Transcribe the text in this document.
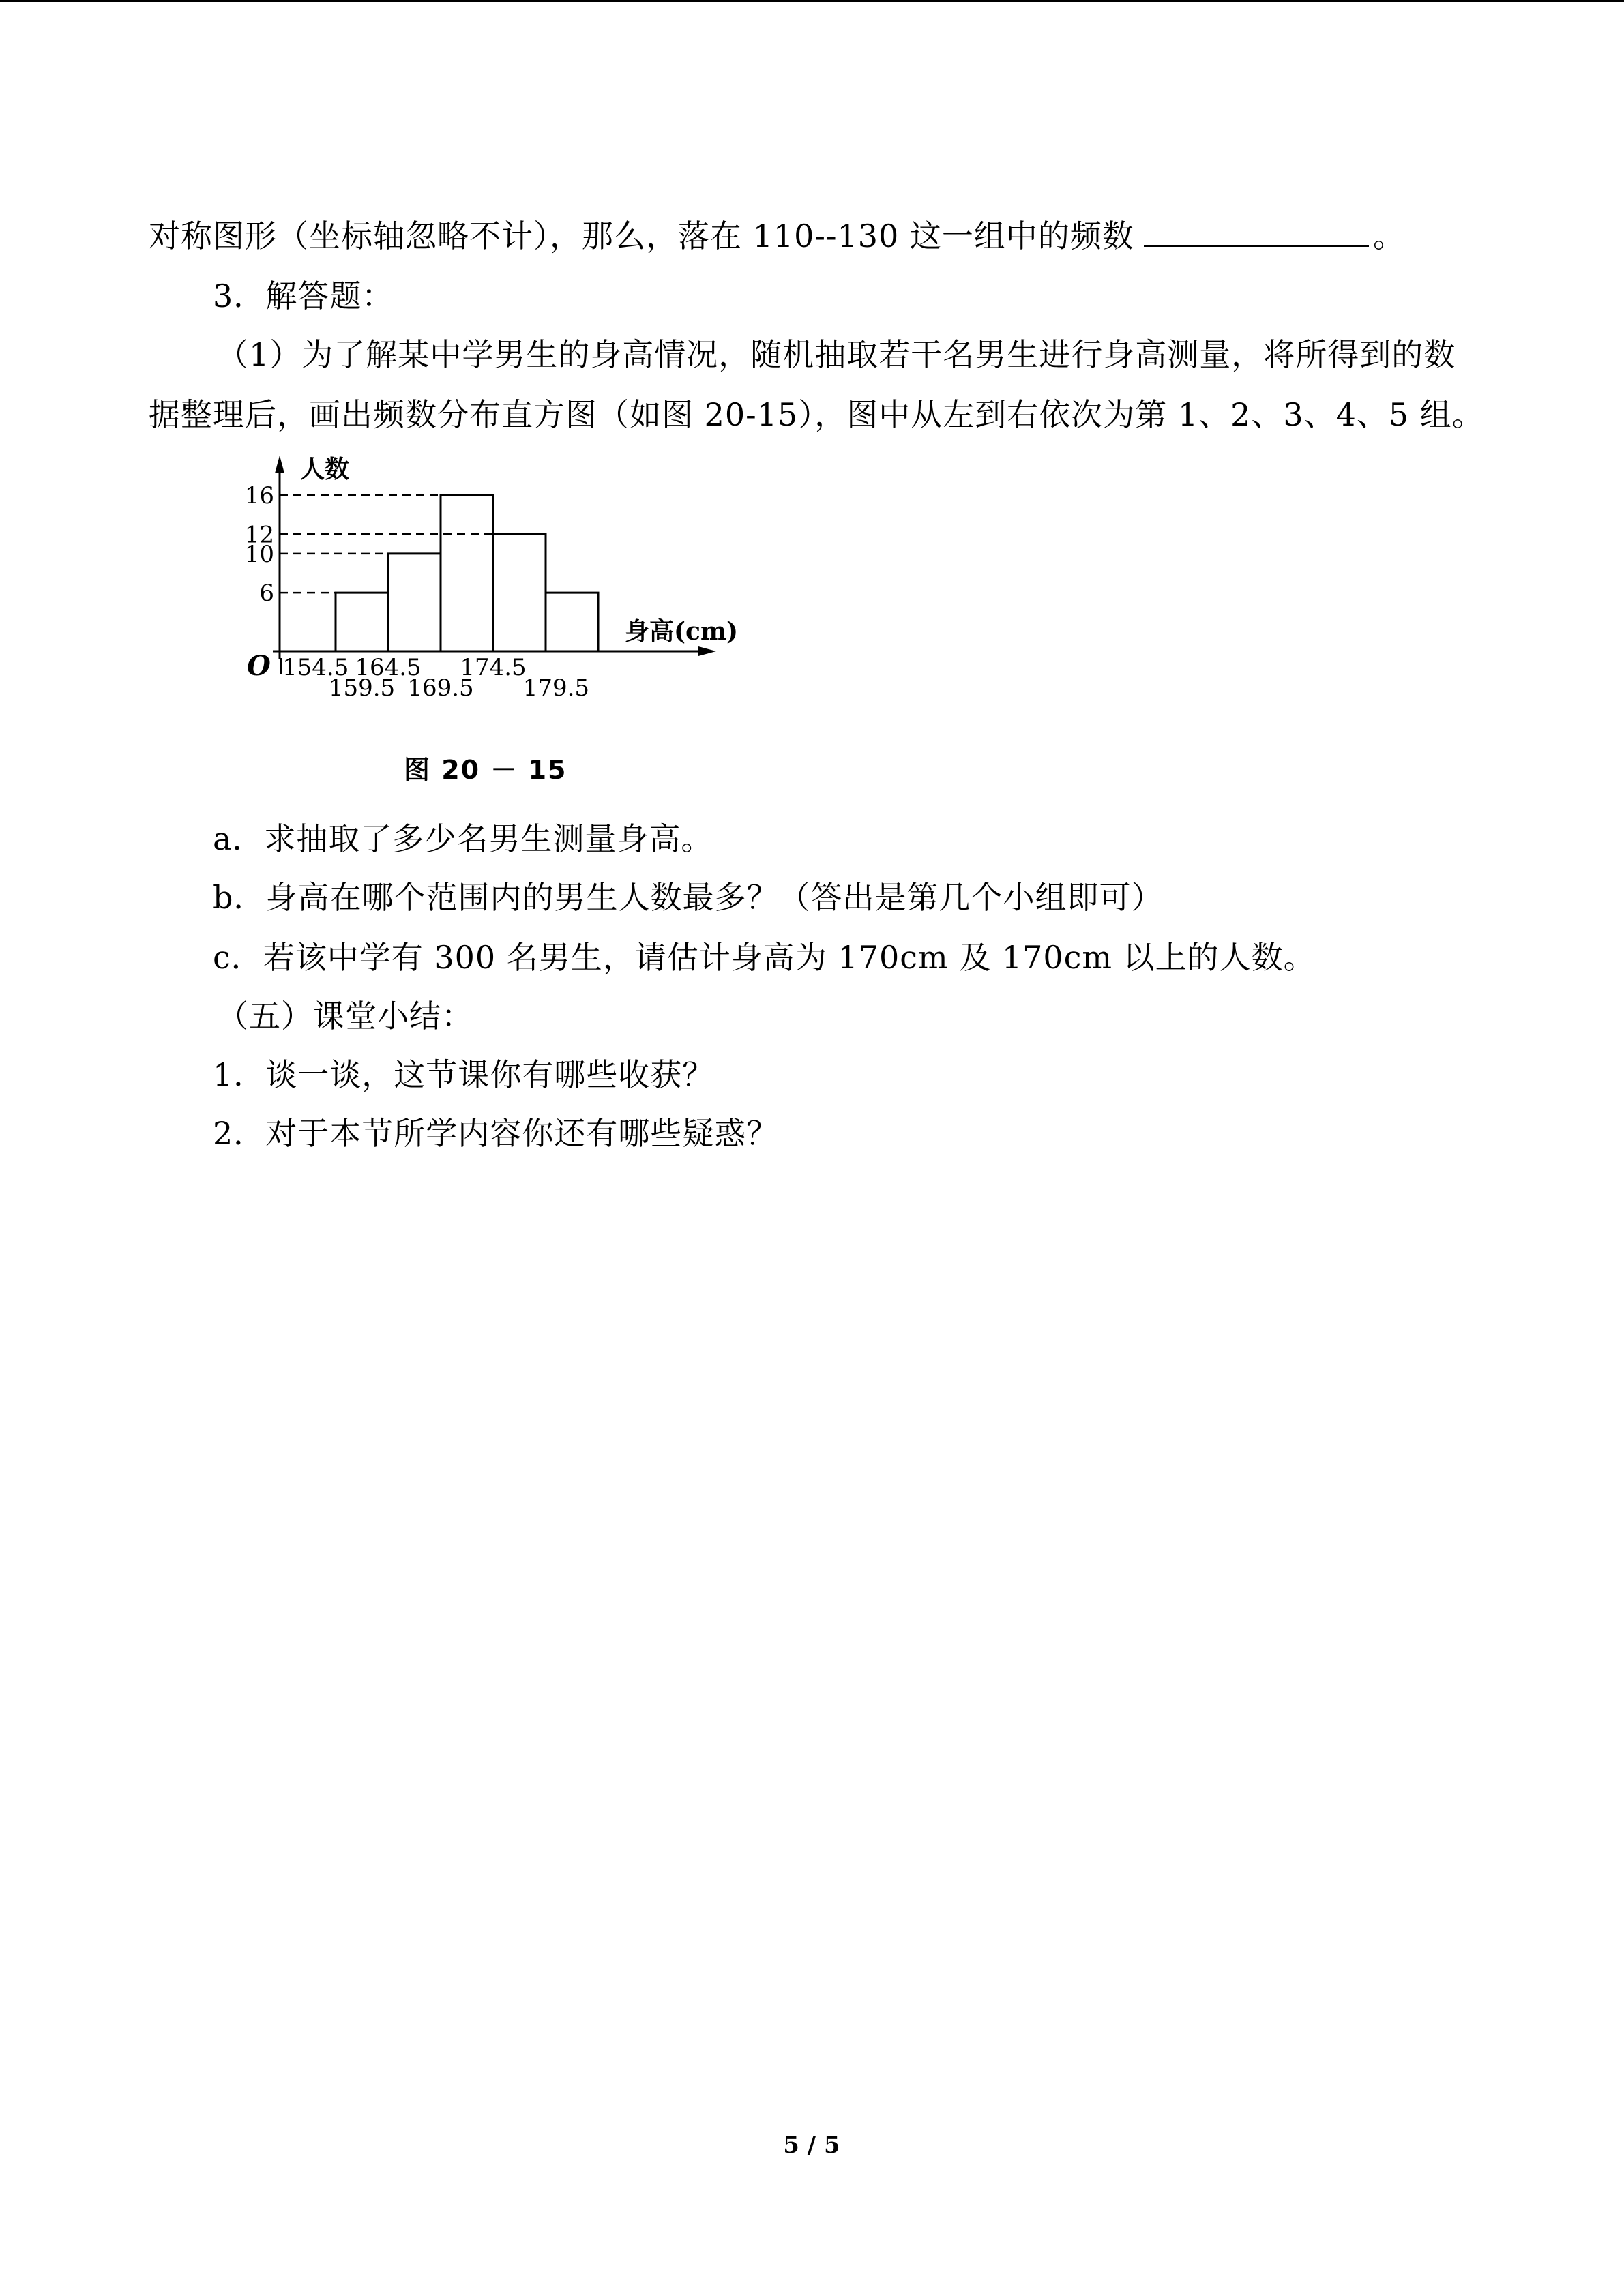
对称图形（坐标轴忽略不计），那么，落在 110--130 这一组中的频数	。
3．解答题：
（1）为了解某中学男生的身高情况，随机抽取若干名男生进行身高测量，将所得到的数
据整理后，画出频数分布直方图（如图 20-15），图中从左到右依次为第 1、2、3、4、5 组。
人数
身高(cm)
O
6
10
12
16
154.5
159.5
164.5
169.5
174.5
179.5
图 20 － 15
a．求抽取了多少名男生测量身高。
b．身高在哪个范围内的男生人数最多？（答出是第几个小组即可）
c．若该中学有 300 名男生，请估计身高为 170cm 及 170cm 以上的人数。
（五）课堂小结：
1．谈一谈，这节课你有哪些收获？
2．对于本节所学内容你还有哪些疑惑？
5 / 5
